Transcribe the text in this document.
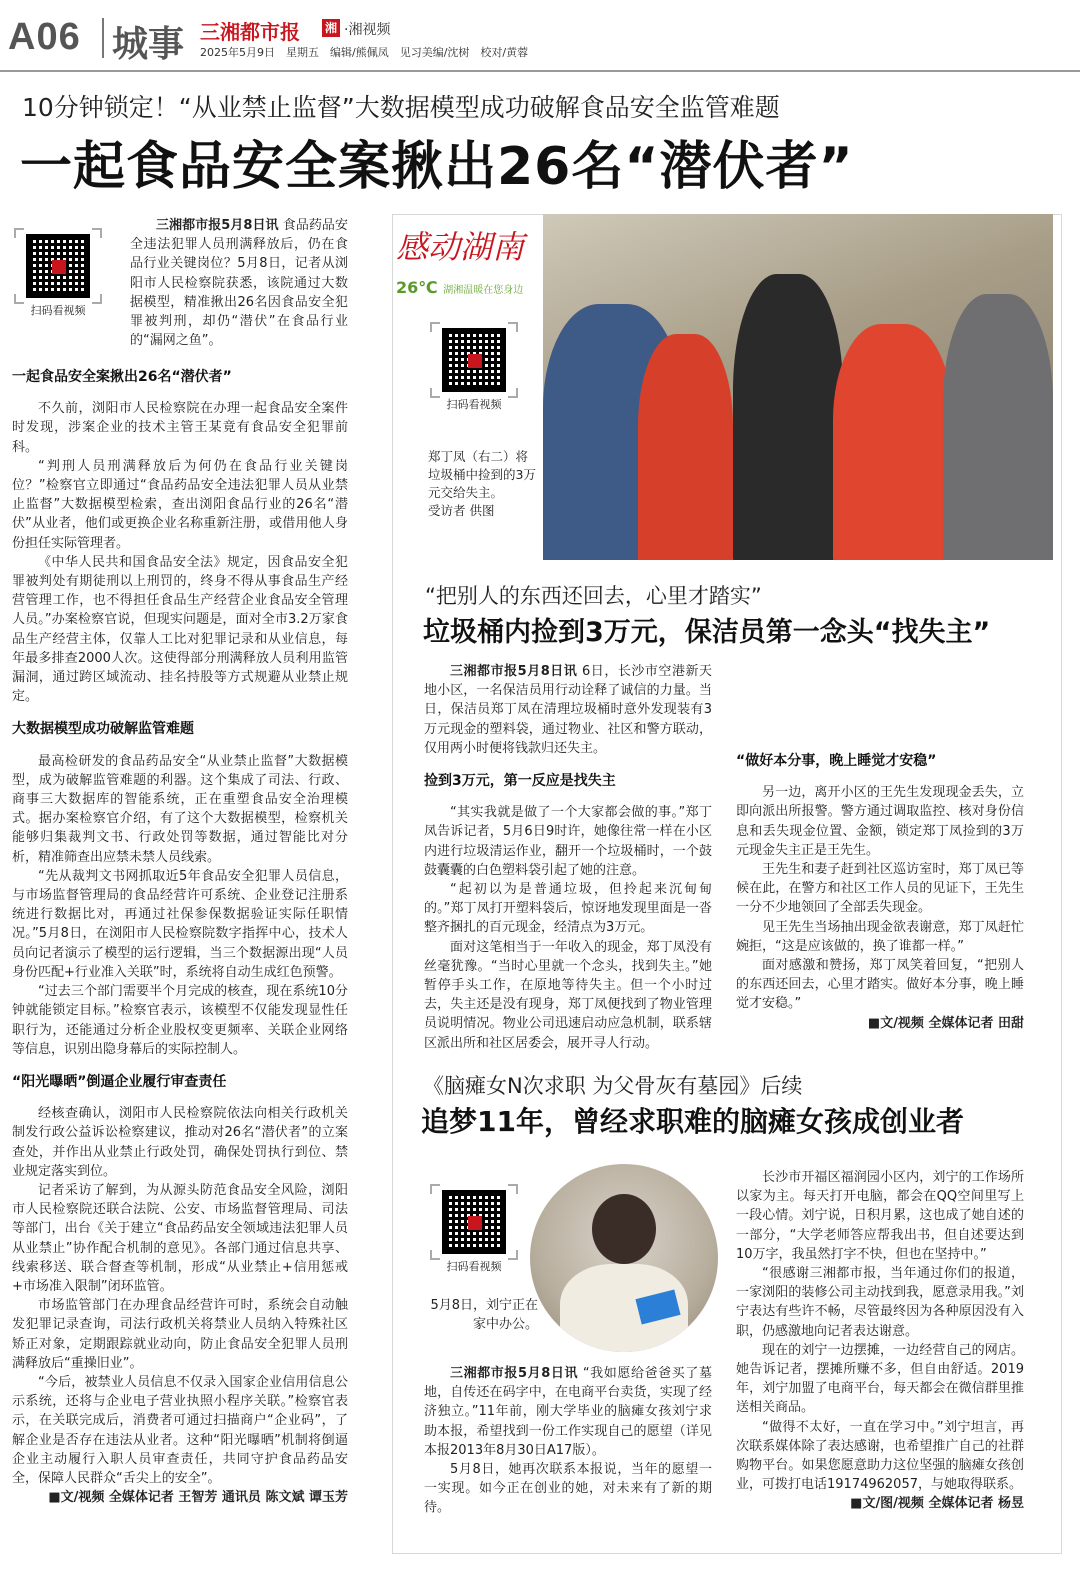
A06 城事 三湘都市报 湘 ·湘视频
2025年5月9日　星期五　编辑/熊佩凤　见习美编/沈树　校对/黄蓉
10分钟锁定！“从业禁止监督”大数据模型成功破解食品安全监管难题
一起食品安全案揪出26名“潜伏者”
扫码看视频

三湘都市报5月8日讯 食品药品安全违法犯罪人员刑满释放后，仍在食品行业关键岗位？5月8日，记者从浏阳市人民检察院获悉，该院通过大数据模型，精准揪出26名因食品安全犯罪被判刑，却仍“潜伏”在食品行业的“漏网之鱼”。

一起食品安全案揪出26名“潜伏者”

不久前，浏阳市人民检察院在办理一起食品安全案件时发现，涉案企业的技术主管王某竟有食品安全犯罪前科。

“判刑人员刑满释放后为何仍在食品行业关键岗位？”检察官立即通过“食品药品安全违法犯罪人员从业禁止监督”大数据模型检索，查出浏阳食品行业的26名“潜伏”从业者，他们或更换企业名称重新注册，或借用他人身份担任实际管理者。

《中华人民共和国食品安全法》规定，因食品安全犯罪被判处有期徒刑以上刑罚的，终身不得从事食品生产经营管理工作，也不得担任食品生产经营企业食品安全管理人员。”办案检察官说，但现实问题是，面对全市3.2万家食品生产经营主体，仅靠人工比对犯罪记录和从业信息，每年最多排查2000人次。这使得部分刑满释放人员利用监管漏洞，通过跨区域流动、挂名持股等方式规避从业禁止规定。

大数据模型成功破解监管难题

最高检研发的食品药品安全“从业禁止监督”大数据模型，成为破解监管难题的利器。这个集成了司法、行政、商事三大数据库的智能系统，正在重塑食品安全治理模式。据办案检察官介绍，有了这个大数据模型，检察机关能够归集裁判文书、行政处罚等数据，通过智能比对分析，精准筛查出应禁未禁人员线索。

“先从裁判文书网抓取近5年食品安全犯罪人员信息，与市场监督管理局的食品经营许可系统、企业登记注册系统进行数据比对，再通过社保参保数据验证实际任职情况。”5月8日，在浏阳市人民检察院数字指挥中心，技术人员向记者演示了模型的运行逻辑，当三个数据源出现“人员身份匹配+行业准入关联”时，系统将自动生成红色预警。

“过去三个部门需要半个月完成的核查，现在系统10分钟就能锁定目标。”检察官表示，该模型不仅能发现显性任职行为，还能通过分析企业股权变更频率、关联企业网络等信息，识别出隐身幕后的实际控制人。

“阳光曝晒”倒逼企业履行审查责任

经核查确认，浏阳市人民检察院依法向相关行政机关制发行政公益诉讼检察建议，推动对26名“潜伏者”的立案查处，并作出从业禁止行政处罚，确保处罚执行到位、禁业规定落实到位。

记者采访了解到，为从源头防范食品安全风险，浏阳市人民检察院还联合法院、公安、市场监督管理局、司法等部门，出台《关于建立“食品药品安全领域违法犯罪人员从业禁止”协作配合机制的意见》。各部门通过信息共享、线索移送、联合督查等机制，形成“从业禁止+信用惩戒+市场准入限制”闭环监管。

市场监管部门在办理食品经营许可时，系统会自动触发犯罪记录查询，司法行政机关将禁业人员纳入特殊社区矫正对象，定期跟踪就业动向，防止食品安全犯罪人员刑满释放后“重操旧业”。

“今后，被禁业人员信息不仅录入国家企业信用信息公示系统，还将与企业电子营业执照小程序关联。”检察官表示，在关联完成后，消费者可通过扫描商户“企业码”，了解企业是否存在违法从业者。这种“阳光曝晒”机制将倒逼企业主动履行入职人员审查责任，共同守护食品药品安全，保障人民群众“舌尖上的安全”。

■文/视频 全媒体记者 王智芳 通讯员 陈文斌 谭玉芳

感动湖南
26℃ 湖湘温暖在您身边
扫码看视频
郑丁凤（右二）将垃圾桶中捡到的3万元交给失主。
受访者 供图
“把别人的东西还回去，心里才踏实”
垃圾桶内捡到3万元，保洁员第一念头“找失主”

三湘都市报5月8日讯 6日，长沙市空港新天地小区，一名保洁员用行动诠释了诚信的力量。当日，保洁员郑丁凤在清理垃圾桶时意外发现装有3万元现金的塑料袋，通过物业、社区和警方联动，仅用两小时便将钱款归还失主。

捡到3万元，第一反应是找失主

“其实我就是做了一个大家都会做的事。”郑丁凤告诉记者，5月6日9时许，她像往常一样在小区内进行垃圾清运作业，翻开一个垃圾桶时，一个鼓鼓囊囊的白色塑料袋引起了她的注意。

“起初以为是普通垃圾，但拎起来沉甸甸的。”郑丁凤打开塑料袋后，惊讶地发现里面是一沓整齐捆扎的百元现金，经清点为3万元。

面对这笔相当于一年收入的现金，郑丁凤没有丝毫犹豫。“当时心里就一个念头，找到失主。”她暂停手头工作，在原地等待失主。但一个小时过去，失主还是没有现身，郑丁凤便找到了物业管理员说明情况。物业公司迅速启动应急机制，联系辖区派出所和社区居委会，展开寻人行动。

“做好本分事，晚上睡觉才安稳”

另一边，离开小区的王先生发现现金丢失，立即向派出所报警。警方通过调取监控、核对身份信息和丢失现金位置、金额，锁定郑丁凤捡到的3万元现金失主正是王先生。

王先生和妻子赶到社区巡访室时，郑丁凤已等候在此，在警方和社区工作人员的见证下，王先生一分不少地领回了全部丢失现金。

见王先生当场抽出现金欲表谢意，郑丁凤赶忙婉拒，“这是应该做的，换了谁都一样。”

面对感激和赞扬，郑丁凤笑着回复，“把别人的东西还回去，心里才踏实。做好本分事，晚上睡觉才安稳。”

■文/视频 全媒体记者 田甜

《脑瘫女N次求职 为父骨灰有墓园》后续
追梦11年，曾经求职难的脑瘫女孩成创业者
扫码看视频
5月8日，刘宁正在家中办公。

三湘都市报5月8日讯 “我如愿给爸爸买了墓地，自传还在码字中，在电商平台卖货，实现了经济独立。”11年前，刚大学毕业的脑瘫女孩刘宁求助本报，希望找到一份工作实现自己的愿望（详见本报2013年8月30日A17版）。

5月8日，她再次联系本报说，当年的愿望一一实现。如今正在创业的她，对未来有了新的期待。

长沙市开福区福润园小区内，刘宁的工作场所以家为主。每天打开电脑，都会在QQ空间里写上一段心情。刘宁说，日积月累，这也成了她自述的一部分，“大学老师答应帮我出书，但自述要达到10万字，我虽然打字不快，但也在坚持中。”

“很感谢三湘都市报，当年通过你们的报道，一家浏阳的装修公司主动找到我，愿意录用我。”刘宁表达有些许不畅，尽管最终因为各种原因没有入职，仍感激地向记者表达谢意。

现在的刘宁一边摆摊，一边经营自己的网店。她告诉记者，摆摊所赚不多，但自由舒适。2019年，刘宁加盟了电商平台，每天都会在微信群里推送相关商品。

“做得不太好，一直在学习中。”刘宁坦言，再次联系媒体除了表达感谢，也希望推广自己的社群购物平台。如果您愿意助力这位坚强的脑瘫女孩创业，可拨打电话19174962057，与她取得联系。

■文/图/视频 全媒体记者 杨昱
